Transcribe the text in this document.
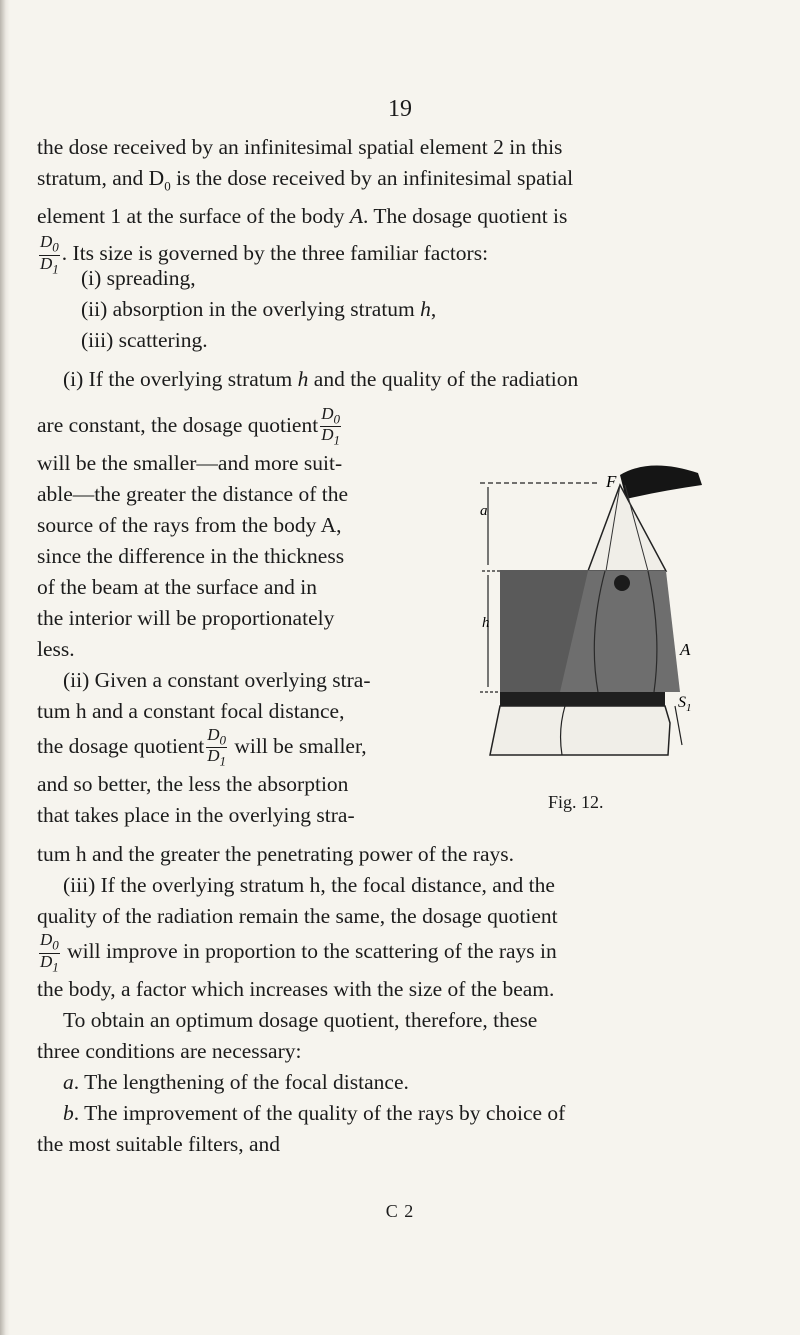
19

the dose received by an infinitesimal spatial element 2 in this

stratum, and $D_0$ is the dose received by an infinitesimal spatial

element 1 at the surface of the body A. The dosage quotient is

$\frac{D_0}{D_1}$ . Its size is governed by the three familiar factors:

(i) spreading,

(ii) absorption in the overlying stratum h,

(iii) scattering.

(i) If the overlying stratum h and the quality of the radiation

are constant, the dosage quotient $\frac{D_0}{D_1}$

will be the smaller—and more suit-

able—the greater the distance of the

source of the rays from the body A,

since the difference in the thickness

of the beam at the surface and in

the interior will be proportionately

less.

(ii) Given a constant overlying stra-

tum h and a constant focal distance,

the dosage quotient $\frac{D_0}{D_1}$ will be smaller,

and so better, the less the absorption

that takes place in the overlying stra-

tum h and the greater the penetrating power of the rays.

(iii) If the overlying stratum h, the focal distance, and the

quality of the radiation remain the same, the dosage quotient

$\frac{D_0}{D_1}$ will improve in proportion to the scattering of the rays in

the body, a factor which increases with the size of the beam.

To obtain an optimum dosage quotient, therefore, these

three conditions are necessary:

a. The lengthening of the focal distance.

b. The improvement of the quality of the rays by choice of

the most suitable filters, and

F
a
h
A
$S_1$
Fig. 12.
C 2
